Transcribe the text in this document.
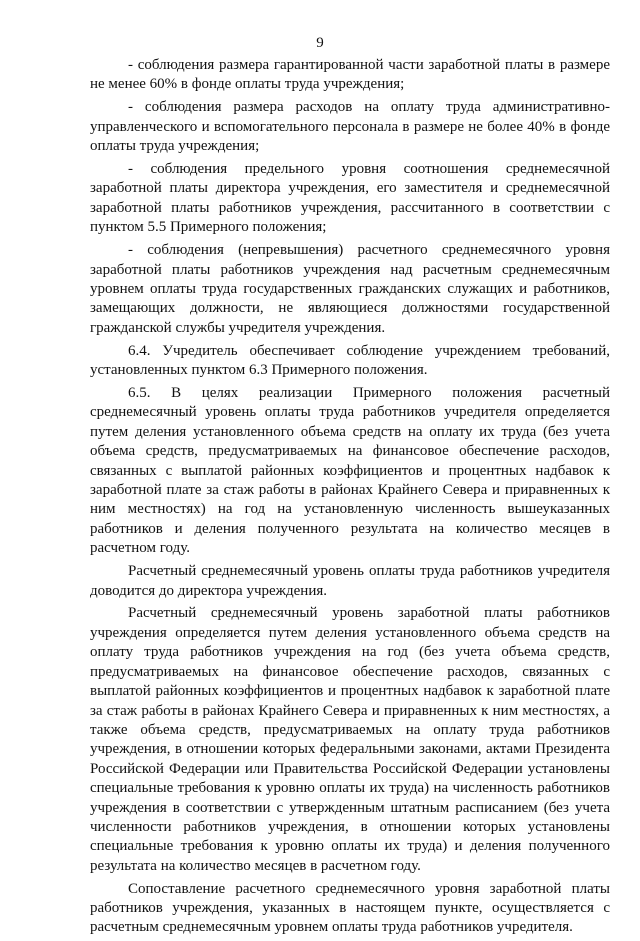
9

- соблюдения размера гарантированной части заработной платы в размере не менее 60% в фонде оплаты труда учреждения;

- соблюдения размера расходов на оплату труда административно-управленческого и вспомогательного персонала в размере не более 40% в фонде оплаты труда учреждения;

- соблюдения предельного уровня соотношения среднемесячной заработной платы директора учреждения, его заместителя и среднемесячной заработной платы работников учреждения, рассчитанного в соответствии с пунктом 5.5 Примерного положения;

- соблюдения (непревышения) расчетного среднемесячного уровня заработной платы работников учреждения над расчетным среднемесячным уровнем оплаты труда государственных гражданских служащих и работников, замещающих должности, не являющиеся должностями государственной гражданской службы учредителя учреждения.

6.4. Учредитель обеспечивает соблюдение учреждением требований, установленных пунктом 6.3 Примерного положения.

6.5. В целях реализации Примерного положения расчетный среднемесячный уровень оплаты труда работников учредителя определяется путем деления установленного объема средств на оплату их труда (без учета объема средств, предусматриваемых на финансовое обеспечение расходов, связанных с выплатой районных коэффициентов и процентных надбавок к заработной плате за стаж работы в районах Крайнего Севера и приравненных к ним местностях) на год на установленную численность вышеуказанных работников и деления полученного результата на количество месяцев в расчетном году.

Расчетный среднемесячный уровень оплаты труда работников учредителя доводится до директора учреждения.

Расчетный среднемесячный уровень заработной платы работников учреждения определяется путем деления установленного объема средств на оплату труда работников учреждения на год (без учета объема средств, предусматриваемых на финансовое обеспечение расходов, связанных с выплатой районных коэффициентов и процентных надбавок к заработной плате за стаж работы в районах Крайнего Севера и приравненных к ним местностях, а также объема средств, предусматриваемых на оплату труда работников учреждения, в отношении которых федеральными законами, актами Президента Российской Федерации или Правительства Российской Федерации установлены специальные требования к уровню оплаты их труда) на численность работников учреждения в соответствии с утвержденным штатным расписанием (без учета численности работников учреждения, в отношении которых установлены специальные требования к уровню оплаты их труда) и деления полученного результата на количество месяцев в расчетном году.

Сопоставление расчетного среднемесячного уровня заработной платы работников учреждения, указанных в настоящем пункте, осуществляется с расчетным среднемесячным уровнем оплаты труда работников учредителя.
